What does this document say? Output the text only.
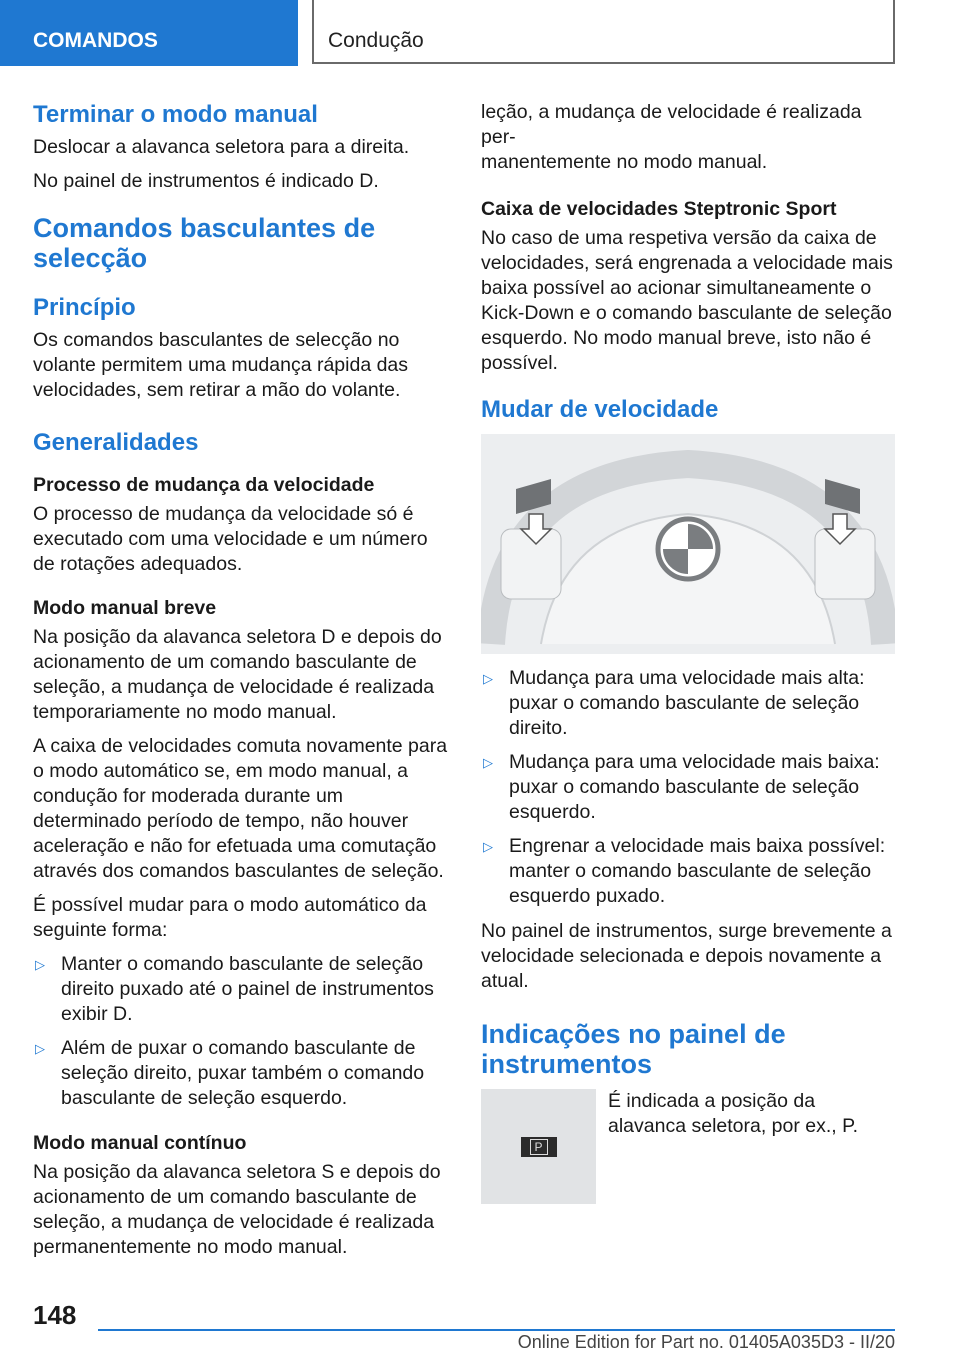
COMANDOS	Condução
Terminar o modo manual

Deslocar a alavanca seletora para a direita.

No painel de instrumentos é indicado D.

Comandos basculantes de selecção
Princípio

Os comandos basculantes de selecção no volante permitem uma mudança rápida das velocidades, sem retirar a mão do volante.

Generalidades
Processo de mudança da velocidade

O processo de mudança da velocidade só é executado com uma velocidade e um número de rotações adequados.

Modo manual breve

Na posição da alavanca seletora D e depois do acionamento de um comando basculante de seleção, a mudança de velocidade é realizada temporariamente no modo manual.

A caixa de velocidades comuta novamente para o modo automático se, em modo manual, a condução for moderada durante um determinado período de tempo, não houver aceleração e não for efetuada uma comutação através dos comandos basculantes de seleção.

É possível mudar para o modo automático da seguinte forma:

▷ Manter o comando basculante de seleção direito puxado até o painel de instrumentos exibir D.
▷ Além de puxar o comando basculante de seleção direito, puxar também o comando basculante de seleção esquerdo.
Modo manual contínuo

Na posição da alavanca seletora S e depois do acionamento de um comando basculante de seleção, a mudança de velocidade é realizada permanentemente no modo manual.

Caixa de velocidades Steptronic Sport

No caso de uma respetiva versão da caixa de velocidades, será engrenada a velocidade mais baixa possível ao acionar simultaneamente o Kick-Down e o comando basculante de seleção esquerdo. No modo manual breve, isto não é possível.

Mudar de velocidade
▷ Mudança para uma velocidade mais alta: puxar o comando basculante de seleção direito.
▷ Mudança para uma velocidade mais baixa: puxar o comando basculante de seleção esquerdo.
▷ Engrenar a velocidade mais baixa possível: manter o comando basculante de seleção esquerdo puxado.

No painel de instrumentos, surge brevemente a velocidade selecionada e depois novamente a atual.

Indicações no painel de instrumentos
P

É indicada a posição da alavanca seletora, por ex., P.

leção, a mudança de velocidade é realizada per-
manentemente no modo manual.

148
Online Edition for Part no. 01405A035D3 - II/20
